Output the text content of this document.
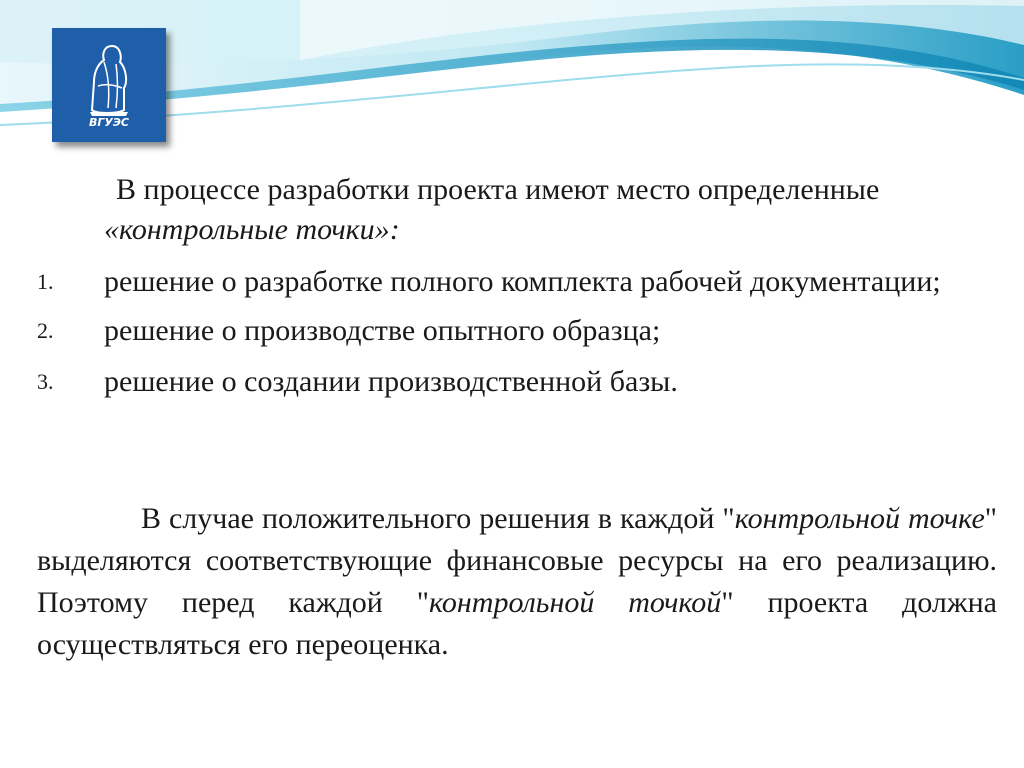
ВГУЭС

В процессе разработки проекта имеют место определенные «контрольные точки»:

1. решение о разработке полного комплекта рабочей документации;
2. решение о производстве опытного образца;
3. решение о создании производственной базы.

В случае положительного решения в каждой "контрольной точке" выделяются соответствующие финансовые ресурсы на его реализацию. Поэтому перед каждой "контрольной точкой" проекта должна осуществляться его переоценка.
